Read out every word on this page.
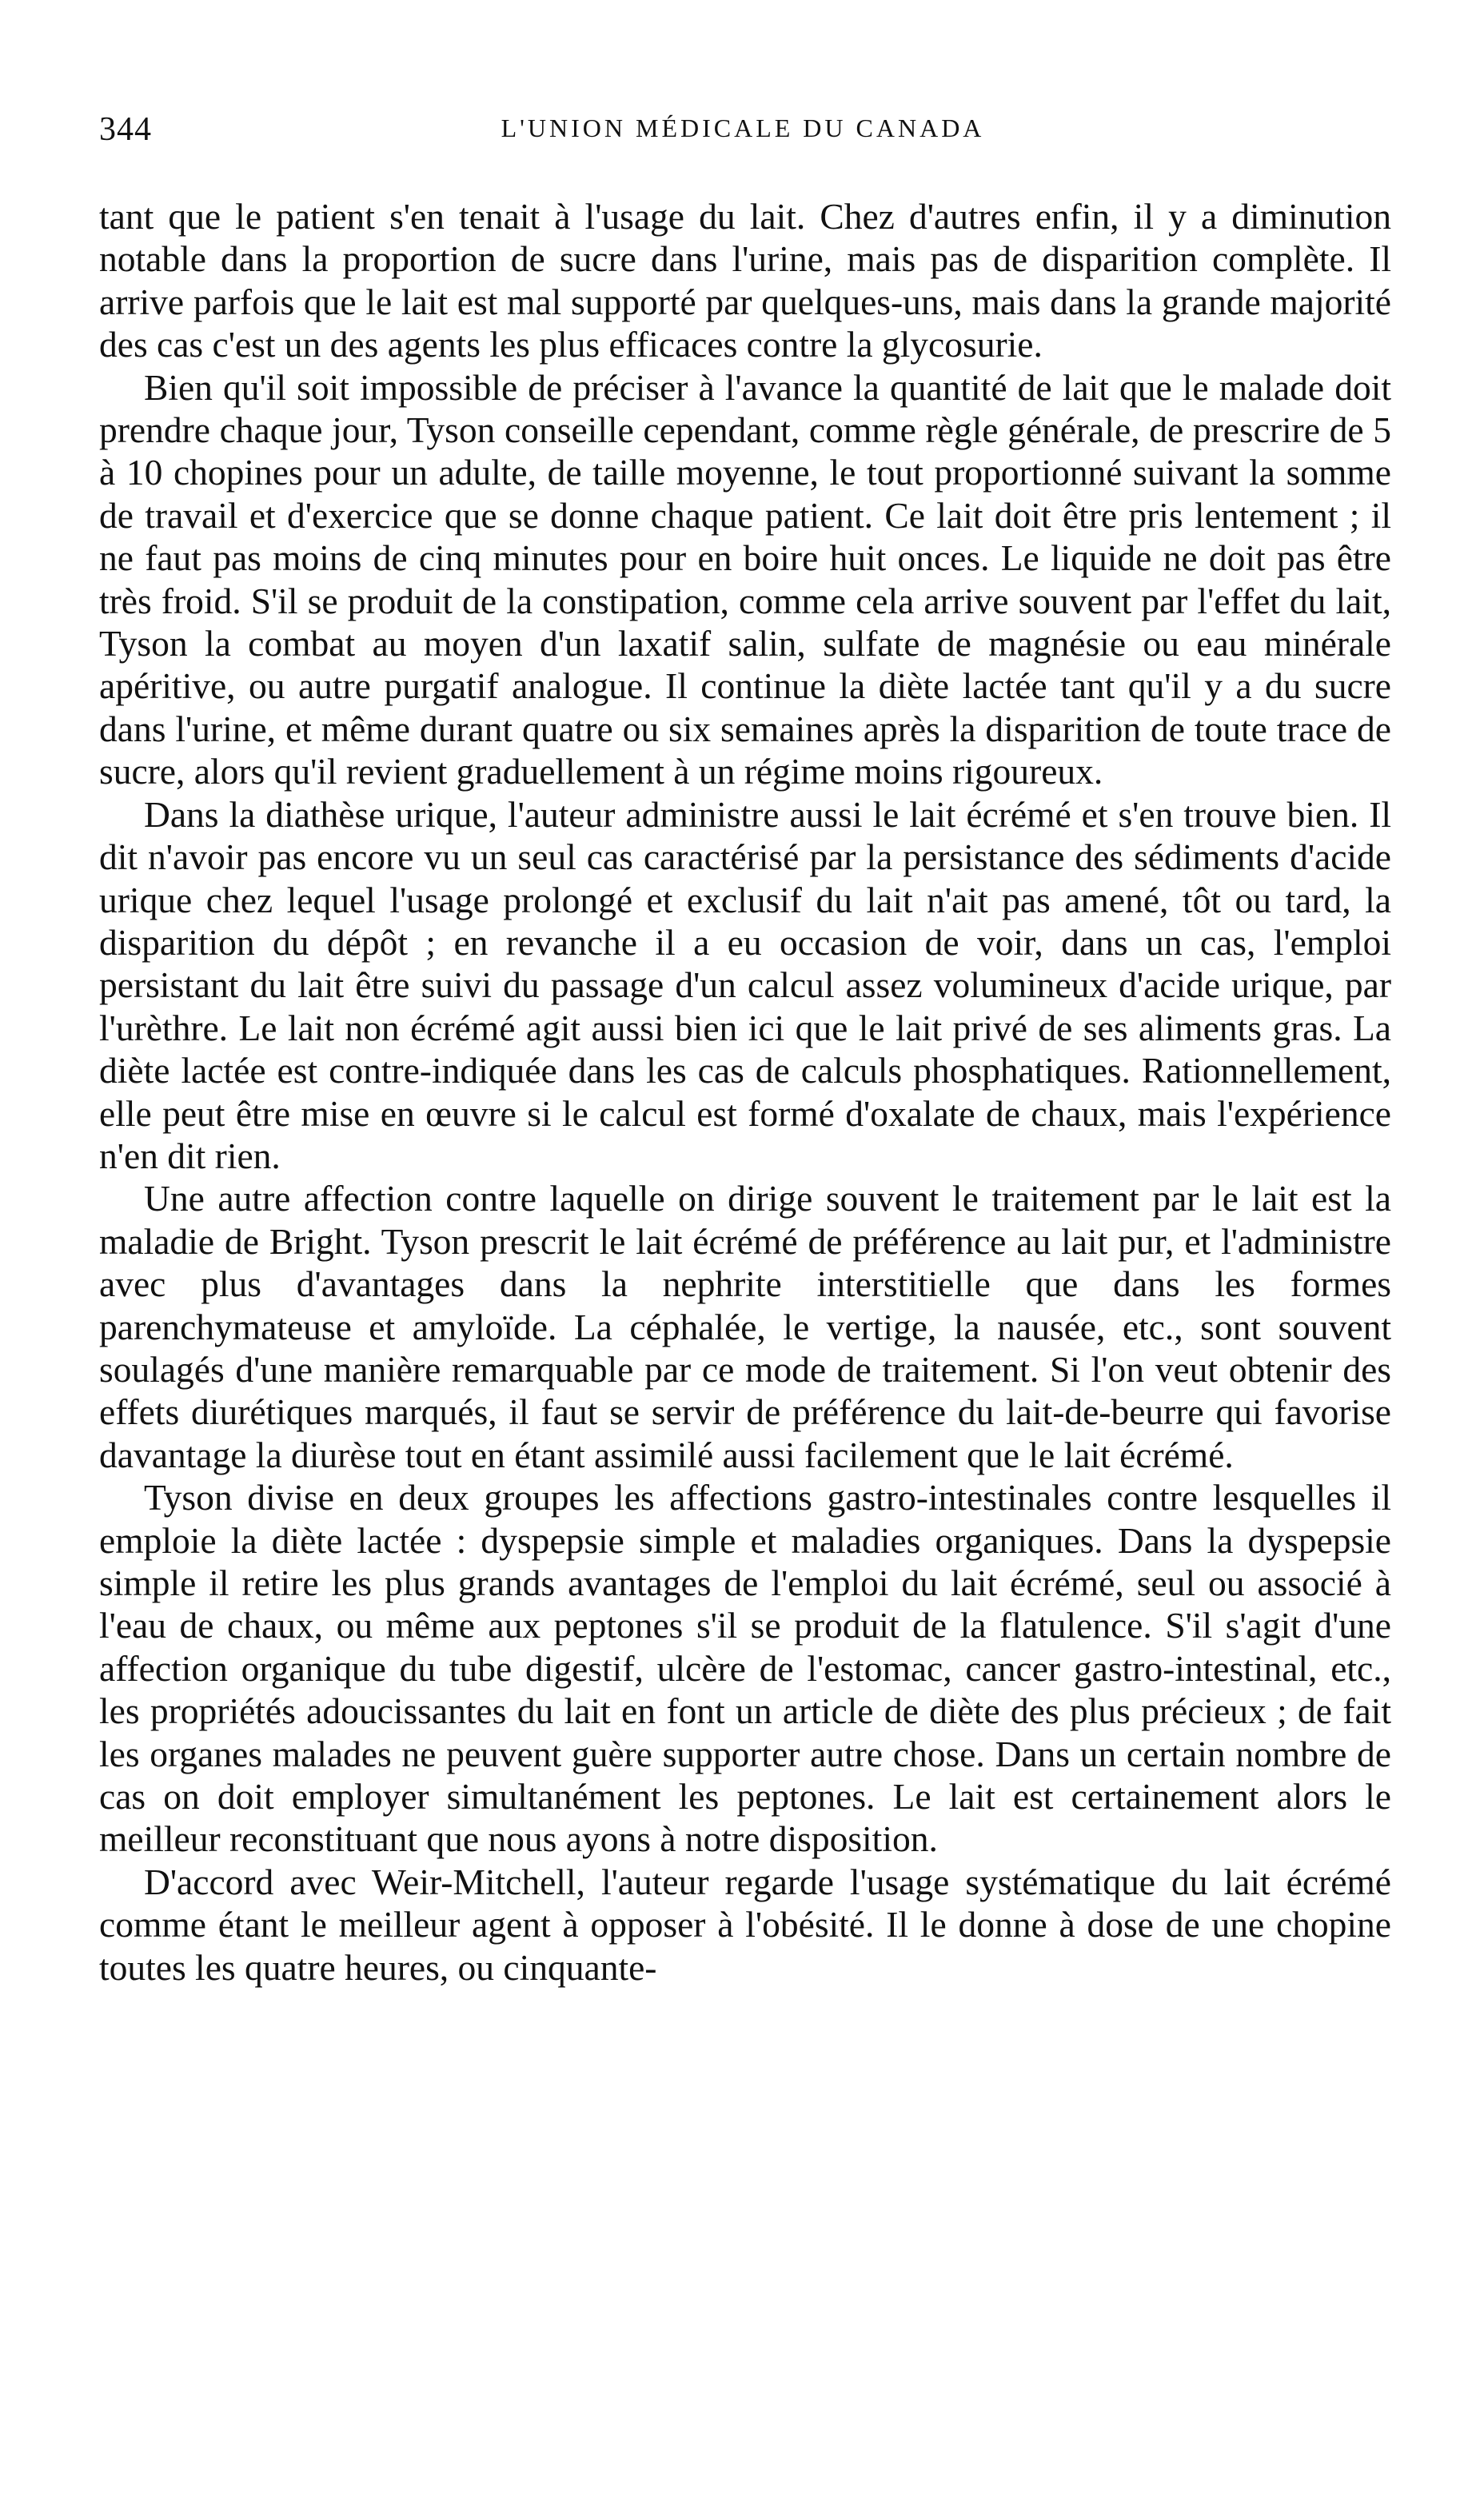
344	L'UNION MÉDICALE DU CANADA

tant que le patient s'en tenait à l'usage du lait. Chez d'autres enfin, il y a diminution notable dans la proportion de sucre dans l'urine, mais pas de disparition complète. Il arrive parfois que le lait est mal supporté par quelques-uns, mais dans la grande majorité des cas c'est un des agents les plus efficaces contre la glycosurie.

Bien qu'il soit impossible de préciser à l'avance la quantité de lait que le malade doit prendre chaque jour, Tyson conseille cependant, comme règle générale, de prescrire de 5 à 10 chopines pour un adulte, de taille moyenne, le tout proportionné suivant la somme de travail et d'exercice que se donne chaque patient. Ce lait doit être pris lentement ; il ne faut pas moins de cinq minutes pour en boire huit onces. Le liquide ne doit pas être très froid. S'il se produit de la constipation, comme cela arrive souvent par l'effet du lait, Tyson la combat au moyen d'un laxatif salin, sulfate de magnésie ou eau minérale apéritive, ou autre purgatif analogue. Il continue la diète lactée tant qu'il y a du sucre dans l'urine, et même durant quatre ou six semaines après la disparition de toute trace de sucre, alors qu'il revient graduellement à un régime moins rigoureux.

Dans la diathèse urique, l'auteur administre aussi le lait écrémé et s'en trouve bien. Il dit n'avoir pas encore vu un seul cas caractérisé par la persistance des sédiments d'acide urique chez lequel l'usage prolongé et exclusif du lait n'ait pas amené, tôt ou tard, la disparition du dépôt ; en revanche il a eu occasion de voir, dans un cas, l'emploi persistant du lait être suivi du passage d'un calcul assez volumineux d'acide urique, par l'urèthre. Le lait non écrémé agit aussi bien ici que le lait privé de ses aliments gras. La diète lactée est contre-indiquée dans les cas de calculs phosphatiques. Rationnellement, elle peut être mise en œuvre si le calcul est formé d'oxalate de chaux, mais l'expérience n'en dit rien.

Une autre affection contre laquelle on dirige souvent le traitement par le lait est la maladie de Bright. Tyson prescrit le lait écrémé de préférence au lait pur, et l'administre avec plus d'avantages dans la nephrite interstitielle que dans les formes parenchymateuse et amyloïde. La céphalée, le vertige, la nausée, etc., sont souvent soulagés d'une manière remarquable par ce mode de traitement. Si l'on veut obtenir des effets diurétiques marqués, il faut se servir de préférence du lait-de-beurre qui favorise davantage la diurèse tout en étant assimilé aussi facilement que le lait écrémé.

Tyson divise en deux groupes les affections gastro-intestinales contre lesquelles il emploie la diète lactée : dyspepsie simple et maladies organiques. Dans la dyspepsie simple il retire les plus grands avantages de l'emploi du lait écrémé, seul ou associé à l'eau de chaux, ou même aux peptones s'il se produit de la flatulence. S'il s'agit d'une affection organique du tube digestif, ulcère de l'estomac, cancer gastro-intestinal, etc., les propriétés adoucissantes du lait en font un article de diète des plus précieux ; de fait les organes malades ne peuvent guère supporter autre chose. Dans un certain nombre de cas on doit employer simultanément les peptones. Le lait est certainement alors le meilleur reconstituant que nous ayons à notre disposition.

D'accord avec Weir-Mitchell, l'auteur regarde l'usage systématique du lait écrémé comme étant le meilleur agent à opposer à l'obésité. Il le donne à dose de une chopine toutes les quatre heures, ou cinquante-
